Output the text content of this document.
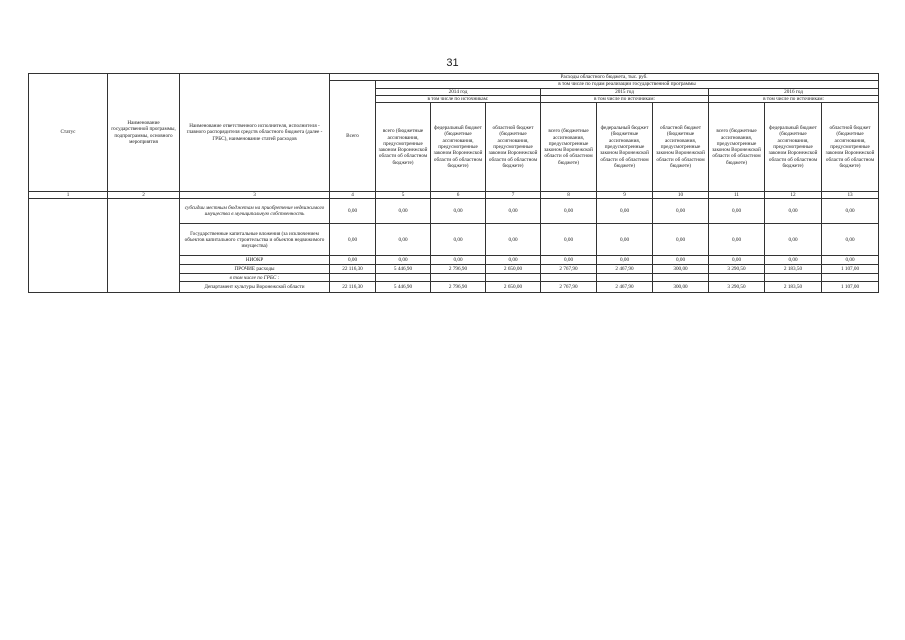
31
Статус	Наименование государственной программы, подпрограммы, основного мероприятия	Наименование ответственного исполнителя, исполнителя - главного распорядителя средств областного бюджета (далее - ГРБС), наименование статей расходов	Расходы областного бюджета, тыс. руб.									
			Всего	в том числе по годам реализации государственной программы								
				2014 год			2015 год			2016 год		
				в том числе по источникам:			в том числе по источникам:			в том числе по источникам:		
				всего (бюджетные ассигнования, предусмотренные законом Воронежской области об областном бюджете)	федеральный бюджет (бюджетные ассигнования, предусмотренные законом Воронежской области об областном бюджете)	областной бюджет (бюджетные ассигнования, предусмотренные законом Воронежской области об областном бюджете)	всего (бюджетные ассигнования, предусмотренные законом Воронежской области об областном бюджете)	федеральный бюджет (бюджетные ассигнования, предусмотренные законом Воронежской области об областном бюджете)	областной бюджет (бюджетные ассигнования, предусмотренные законом Воронежской области об областном бюджете)	всего (бюджетные ассигнования, предусмотренные законом Воронежской области об областном бюджете)	федеральный бюджет (бюджетные ассигнования, предусмотренные законом Воронежской области об областном бюджете)	областной бюджет (бюджетные ассигнования, предусмотренные законом Воронежской области об областном бюджете)
1	2	3	4	5	6	7	8	9	10	11	12	13
		субсидии местным бюджетам на приобретение недвижимого имущества в муниципальную собственность	0,00	0,00	0,00	0,00	0,00	0,00	0,00	0,00	0,00	0,00
		Государственные капитальные вложения (за исключением объектов капитального строительства и объектов недвижимого имущества)	0,00	0,00	0,00	0,00	0,00	0,00	0,00	0,00	0,00	0,00
		НИОКР	0,00	0,00	0,00	0,00	0,00	0,00	0,00	0,00	0,00	0,00
		ПРОЧИЕ расходы	22 116,30	5 446,90	2 796,90	2 650,00	2 767,90	2 467,90	300,00	3 290,50	2 183,50	1 107,00
		в том числе по ГРБС :										
		Департамент культуры Воронежской области	22 116,30	5 446,90	2 796,90	2 650,00	2 767,90	2 467,90	300,00	3 290,50	2 183,50	1 107,00
